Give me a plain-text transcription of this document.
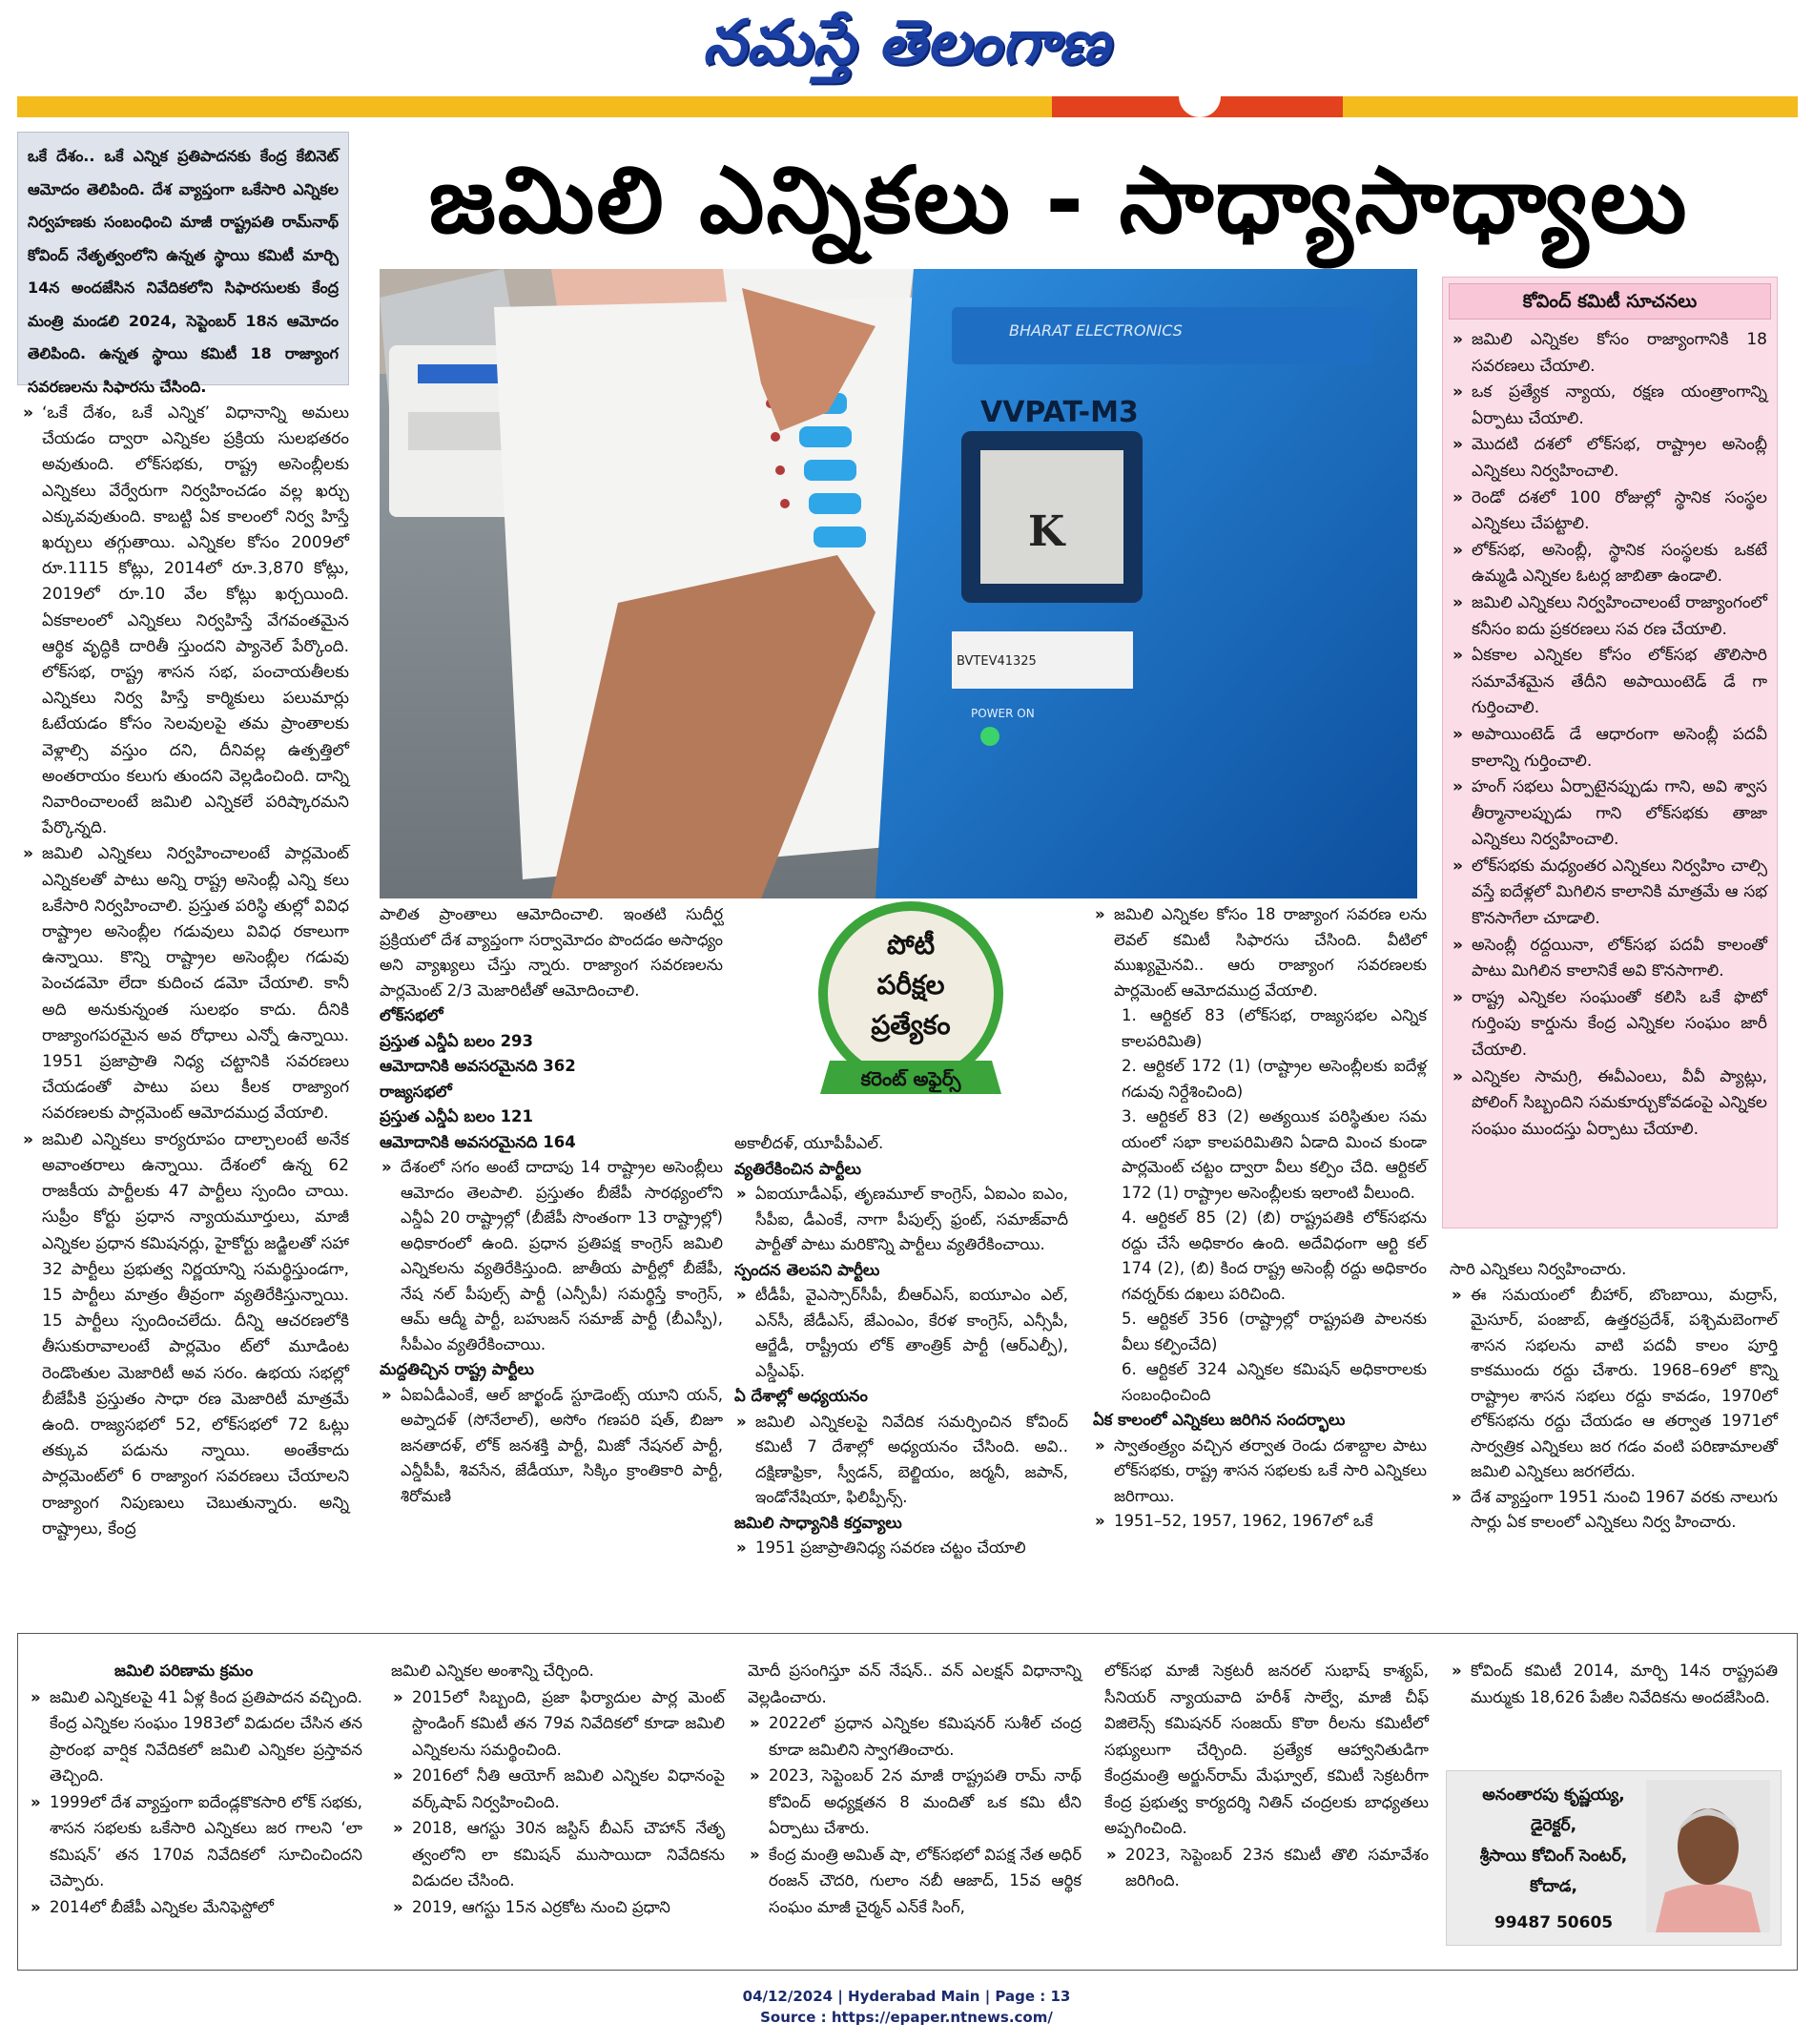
నమస్తే తెలంగాణ
ఒకే దేశం.. ఒకే ఎన్నిక ప్రతిపాదనకు కేంద్ర కేబినెట్ ఆమోదం తెలిపింది. దేశ వ్యాప్తంగా ఒకేసారి ఎన్నికల నిర్వహణకు సంబంధించి మాజీ రాష్ట్రపతి రామ్‌నాథ్ కోవింద్ నేతృత్వంలోని ఉన్నత స్థాయి కమిటీ మార్చి 14న అందజేసిన నివేదికలోని సిఫారసులకు కేంద్ర మంత్రి మండలి 2024, సెప్టెంబర్ 18న ఆమోదం తెలిపింది. ఉన్నత స్థాయి కమిటీ 18 రాజ్యాంగ సవరణలను సిఫారసు చేసింది.
జమిలి ఎన్నికలు - సాధ్యాసాధ్యాలు

» ‘ఒకే దేశం, ఒకే ఎన్నిక’ విధానాన్ని అమలు చేయడం ద్వారా ఎన్నికల ప్రక్రియ సులభతరం అవుతుంది. లోక్‌సభకు, రాష్ట్ర అసెంబ్లీలకు ఎన్నికలు వేర్వేరుగా నిర్వహించడం వల్ల ఖర్చు ఎక్కువవుతుంది. కాబట్టి ఏక కాలంలో నిర్వ హిస్తే ఖర్చులు తగ్గుతాయి. ఎన్నికల కోసం 2009లో రూ.1115 కోట్లు, 2014లో రూ.3,870 కోట్లు, 2019లో రూ.10 వేల కోట్లు ఖర్చయింది. ఏకకాలంలో ఎన్నికలు నిర్వహిస్తే వేగవంతమైన ఆర్థిక వృద్ధికి దారితీ స్తుందని ప్యానెల్ పేర్కొంది. లోక్‌సభ, రాష్ట్ర శాసన సభ, పంచాయతీలకు ఎన్నికలు నిర్వ హిస్తే కార్మికులు పలుమార్లు ఓటేయడం కోసం సెలవులపై తమ ప్రాంతాలకు వెళ్లాల్సి వస్తుం దని, దీనివల్ల ఉత్పత్తిలో అంతరాయం కలుగు తుందని వెల్లడించింది. దాన్ని నివారించాలంటే జమిలి ఎన్నికలే పరిష్కారమని పేర్కొన్నది.

» జమిలి ఎన్నికలు నిర్వహించాలంటే పార్లమెంట్ ఎన్నికలతో పాటు అన్ని రాష్ట్ర అసెంబ్లీ ఎన్ని కలు ఒకేసారి నిర్వహించాలి. ప్రస్తుత పరిస్థి తుల్లో వివిధ రాష్ట్రాల అసెంబ్లీల గడువులు వివిధ రకాలుగా ఉన్నాయి. కొన్ని రాష్ట్రాల అసెంబ్లీల గడువు పెంచడమో లేదా కుదించ డమో చేయాలి. కానీ అది అనుకున్నంత సులభం కాదు. దీనికి రాజ్యాంగపరమైన అవ రోధాలు ఎన్నో ఉన్నాయి. 1951 ప్రజాప్రాతి నిధ్య చట్టానికి సవరణలు చేయడంతో పాటు పలు కీలక రాజ్యాంగ సవరణలకు పార్లమెంట్ ఆమోదముద్ర వేయాలి.

» జమిలి ఎన్నికలు కార్యరూపం దాల్చాలంటే అనేక అవాంతరాలు ఉన్నాయి. దేశంలో ఉన్న 62 రాజకీయ పార్టీలకు 47 పార్టీలు స్పందిం చాయి. సుప్రీం కోర్టు ప్రధాన న్యాయమూర్తులు, మాజీ ఎన్నికల ప్రధాన కమిషనర్లు, హైకోర్టు జడ్జిలతో సహా 32 పార్టీలు ప్రభుత్వ నిర్ణయాన్ని సమర్థిస్తుండగా, 15 పార్టీలు మాత్రం తీవ్రంగా వ్యతిరేకిస్తున్నాయి. 15 పార్టీలు స్పందించలేదు. దీన్ని ఆచరణలోకి తీసుకురావాలంటే పార్లమెం ట్‌లో మూడింట రెండొంతుల మెజారిటీ అవ సరం. ఉభయ సభల్లో బీజేపీకి ప్రస్తుతం సాధా రణ మెజారిటీ మాత్రమే ఉంది. రాజ్యసభలో 52, లోక్‌సభలో 72 ఓట్లు తక్కువ పడును న్నాయి. అంతేకాదు పార్లమెంట్‌లో 6 రాజ్యాంగ సవరణలు చేయాలని రాజ్యాంగ నిపుణులు చెబుతున్నారు. అన్ని రాష్ట్రాలు, కేంద్ర

BHARAT ELECTRONICS
VVPAT-M3
K
BVTEV41325
POWER ON
కోవింద్ కమిటీ సూచనలు

» జమిలి ఎన్నికల కోసం రాజ్యాంగానికి 18 సవరణలు చేయాలి.

» ఒక ప్రత్యేక న్యాయ, రక్షణ యంత్రాంగాన్ని ఏర్పాటు చేయాలి.

» మొదటి దశలో లోక్‌సభ, రాష్ట్రాల అసెంబ్లీ ఎన్నికలు నిర్వహించాలి.

» రెండో దశలో 100 రోజుల్లో స్థానిక సంస్థల ఎన్నికలు చేపట్టాలి.

» లోక్‌సభ, అసెంబ్లీ, స్థానిక సంస్థలకు ఒకటే ఉమ్మడి ఎన్నికల ఓటర్ల జాబితా ఉండాలి.

» జమిలి ఎన్నికలు నిర్వహించాలంటే రాజ్యాంగంలో కనీసం ఐదు ప్రకరణలు సవ రణ చేయాలి.

» ఏకకాల ఎన్నికల కోసం లోక్‌సభ తొలిసారి సమావేశమైన తేదీని అపాయింటెడ్ డే గా గుర్తించాలి.

» అపాయింటెడ్ డే ఆధారంగా అసెంబ్లీ పదవీ కాలాన్ని గుర్తించాలి.

» హంగ్ సభలు ఏర్పాటైనప్పుడు గాని, అవి శ్వాస తీర్మానాలప్పుడు గాని లోక్‌సభకు తాజా ఎన్నికలు నిర్వహించాలి.

» లోక్‌సభకు మధ్యంతర ఎన్నికలు నిర్వహిం చాల్సి వస్తే ఐదేళ్లలో మిగిలిన కాలానికి మాత్రమే ఆ సభ కొనసాగేలా చూడాలి.

» అసెంబ్లీ రద్దయినా, లోక్‌సభ పదవీ కాలంతో పాటు మిగిలిన కాలానికే అవి కొనసాగాలి.

» రాష్ట్ర ఎన్నికల సంఘంతో కలిసి ఒకే ఫొటో గుర్తింపు కార్డును కేంద్ర ఎన్నికల సంఘం జారీ చేయాలి.

» ఎన్నికల సామగ్రి, ఈవీఎంలు, వీవీ ప్యాట్లు, పోలింగ్ సిబ్బందిని సమకూర్చుకోవడంపై ఎన్నికల సంఘం ముందస్తు ఏర్పాటు చేయాలి.

పాలిత ప్రాంతాలు ఆమోదించాలి. ఇంతటి సుదీర్ఘ ప్రక్రియలో దేశ వ్యాప్తంగా సర్వామోదం పొందడం అసాధ్యం అని వ్యాఖ్యలు చేస్తు న్నారు. రాజ్యాంగ సవరణలను పార్లమెంట్ 2/3 మెజారిటీతో ఆమోదించాలి.

లోక్‌సభలో

ప్రస్తుత ఎన్డీఏ బలం 293

ఆమోదానికి అవసరమైనది 362

రాజ్యసభలో

ప్రస్తుత ఎన్డీఏ బలం 121

ఆమోదానికి అవసరమైనది 164

» దేశంలో సగం అంటే దాదాపు 14 రాష్ట్రాల అసెంబ్లీలు ఆమోదం తెలపాలి. ప్రస్తుతం బీజేపీ సారథ్యంలోని ఎన్డీఏ 20 రాష్ట్రాల్లో (బీజేపీ సొంతంగా 13 రాష్ట్రాల్లో) అధికారంలో ఉంది. ప్రధాన ప్రతిపక్ష కాంగ్రెస్ జమిలి ఎన్నికలను వ్యతిరేకిస్తుంది. జాతీయ పార్టీల్లో బీజేపీ, నేష నల్ పీపుల్స్ పార్టీ (ఎన్పీపీ) సమర్థిస్తే కాంగ్రెస్, ఆమ్ ఆద్మీ పార్టీ, బహుజన్ సమాజ్ పార్టీ (బీఎస్పీ), సీపీఎం వ్యతిరేకించాయి.

మద్దతిచ్చిన రాష్ట్ర పార్టీలు

» ఏఐఏడీఎంకే, ఆల్ జార్ఖండ్ స్టూడెంట్స్ యూని యన్, అప్నాదళ్ (సోనేలాల్), అసోం గణపరి షత్, బిజూ జనతాదళ్, లోక్ జనశక్తి పార్టీ, మిజో నేషనల్ పార్టీ, ఎన్డీపీపీ, శివసేన, జేడీయూ, సిక్కిం క్రాంతికారి పార్టీ, శిరోమణి

పోటీ
పరీక్షల
ప్రత్యేకం
కరెంట్ అఫైర్స్

అకాలీదళ్, యూపీపీఎల్.

వ్యతిరేకించిన పార్టీలు

» ఏఐయూడీఎఫ్, తృణమూల్ కాంగ్రెస్, ఏఐఎం ఐఎం, సీపీఐ, డీఎంకే, నాగా పీపుల్స్ ఫ్రంట్, సమాజ్‌వాదీ పార్టీతో పాటు మరికొన్ని పార్టీలు వ్యతిరేకించాయి.

స్పందన తెలపని పార్టీలు

» టీడీపీ, వైఎస్సార్‌సీపీ, బీఆర్‌ఎస్, ఐయూఎం ఎల్, ఎన్‌సీ, జేడీఎస్, జేఎంఎం, కేరళ కాంగ్రెస్, ఎన్సీపీ, ఆర్జేడీ, రాష్ట్రీయ లోక్ తాంత్రిక్ పార్టీ (ఆర్ఎల్పీ), ఎస్డీఎఫ్.

ఏ దేశాల్లో అధ్యయనం

» జమిలి ఎన్నికలపై నివేదిక సమర్పించిన కోవింద్ కమిటీ 7 దేశాల్లో అధ్యయనం చేసింది. అవి.. దక్షిణాఫ్రికా, స్వీడన్, బెల్జియం, జర్మనీ, జపాన్, ఇండోనేషియా, ఫిలిప్పీన్స్.

జమిలి సాధ్యానికి కర్తవ్యాలు

» 1951 ప్రజాప్రాతినిధ్య సవరణ చట్టం చేయాలి

» జమిలి ఎన్నికల కోసం 18 రాజ్యాంగ సవరణ లను లెవల్ కమిటీ సిఫారసు చేసింది. వీటిలో ముఖ్యమైనవి.. ఆరు రాజ్యాంగ సవరణలకు పార్లమెంట్ ఆమోదముద్ర వేయాలి.

1. ఆర్టికల్ 83 (లోక్‌సభ, రాజ్యసభల ఎన్నిక కాలపరిమితి)

2. ఆర్టికల్ 172 (1) (రాష్ట్రాల అసెంబ్లీలకు ఐదేళ్ల గడువు నిర్దేశించింది)

3. ఆర్టికల్ 83 (2) అత్యయిక పరిస్థితుల సమ యంలో సభా కాలపరిమితిని ఏడాది మించ కుండా పార్లమెంట్ చట్టం ద్వారా వీలు కల్పిం చేది. ఆర్టికల్ 172 (1) రాష్ట్రాల అసెంబ్లీలకు ఇలాంటి వీలుంది.

4. ఆర్టికల్ 85 (2) (బి) రాష్ట్రపతికి లోక్‌సభను రద్దు చేసే అధికారం ఉంది. అదేవిధంగా ఆర్టి కల్ 174 (2), (బి) కింద రాష్ట్ర అసెంబ్లీ రద్దు అధికారం గవర్నర్‌కు దఖలు పరిచింది.

5. ఆర్టికల్ 356 (రాష్ట్రాల్లో రాష్ట్రపతి పాలనకు వీలు కల్పించేది)

6. ఆర్టికల్ 324 ఎన్నికల కమిషన్ అధికారాలకు సంబంధించింది

ఏక కాలంలో ఎన్నికలు జరిగిన సందర్భాలు

» స్వాతంత్ర్యం వచ్చిన తర్వాత రెండు దశాబ్దాల పాటు లోక్‌సభకు, రాష్ట్ర శాసన సభలకు ఒకే సారి ఎన్నికలు జరిగాయి.

» 1951–52, 1957, 1962, 1967లో ఒకే

సారి ఎన్నికలు నిర్వహించారు.

» ఈ సమయంలో బీహార్, బొంబాయి, మద్రాస్, మైసూర్, పంజాబ్, ఉత్తరప్రదేశ్, పశ్చిమబెంగాల్ శాసన సభలను వాటి పదవీ కాలం పూర్తి కాకముందు రద్దు చేశారు. 1968–69లో కొన్ని రాష్ట్రాల శాసన సభలు రద్దు కావడం, 1970లో లోక్‌సభను రద్దు చేయడం ఆ తర్వాత 1971లో సార్వత్రిక ఎన్నికలు జర గడం వంటి పరిణామాలతో జమిలి ఎన్నికలు జరగలేదు.

» దేశ వ్యాప్తంగా 1951 నుంచి 1967 వరకు నాలుగు సార్లు ఏక కాలంలో ఎన్నికలు నిర్వ హించారు.

జమిలి పరిణామ క్రమం

» జమిలి ఎన్నికలపై 41 ఏళ్ల కింద ప్రతిపాదన వచ్చింది. కేంద్ర ఎన్నికల సంఘం 1983లో విడుదల చేసిన తన ప్రారంభ వార్షిక నివేదికలో జమిలి ఎన్నికల ప్రస్తావన తెచ్చింది.

» 1999లో దేశ వ్యాప్తంగా ఐదేండ్లకొకసారి లోక్ సభకు, శాసన సభలకు ఒకేసారి ఎన్నికలు జర గాలని ‘లా కమిషన్’ తన 170వ నివేదికలో సూచించిందని చెప్పారు.

» 2014లో బీజేపీ ఎన్నికల మేనిఫెస్టోలో

జమిలి ఎన్నికల అంశాన్ని చేర్చింది.

» 2015లో సిబ్బంది, ప్రజా ఫిర్యాదుల పార్ల మెంట్ స్టాండింగ్ కమిటీ తన 79వ నివేదికలో కూడా జమిలి ఎన్నికలను సమర్థించింది.

» 2016లో నీతి ఆయోగ్ జమిలి ఎన్నికల విధానంపై వర్క్‌షాప్ నిర్వహించింది.

» 2018, ఆగస్టు 30న జస్టిస్ బీఎస్ చౌహాన్ నేతృ త్వంలోని లా కమిషన్ ముసాయిదా నివేదికను విడుదల చేసింది.

» 2019, ఆగస్టు 15న ఎర్రకోట నుంచి ప్రధాని

మోదీ ప్రసంగిస్తూ వన్ నేషన్.. వన్ ఎలక్షన్ విధానాన్ని వెల్లడించారు.

» 2022లో ప్రధాన ఎన్నికల కమిషనర్ సుశీల్ చంద్ర కూడా జమిలిని స్వాగతించారు.

» 2023, సెప్టెంబర్ 2న మాజీ రాష్ట్రపతి రామ్ నాథ్ కోవింద్ అధ్యక్షతన 8 మందితో ఒక కమి టీని ఏర్పాటు చేశారు.

» కేంద్ర మంత్రి అమిత్ షా, లోక్‌సభలో విపక్ష నేత అధిర్ రంజన్ చౌదరి, గులాం నబీ ఆజాద్, 15వ ఆర్థిక సంఘం మాజీ చైర్మన్ ఎన్‌కే సింగ్,

లోక్‌సభ మాజీ సెక్రటరీ జనరల్ సుభాష్ కాశ్యప్, సీనియర్ న్యాయవాది హరీశ్ సాల్వే, మాజీ చీఫ్ విజిలెన్స్ కమిషనర్ సంజయ్ కొఠా రీలను కమిటీలో సభ్యులుగా చేర్చింది. ప్రత్యేక ఆహ్వానితుడిగా కేంద్రమంత్రి అర్జున్‌రామ్ మేఘ్వాల్, కమిటీ సెక్రటరీగా కేంద్ర ప్రభుత్వ కార్యదర్శి నితిన్ చంద్రలకు బాధ్యతలు అప్పగించింది.

» 2023, సెప్టెంబర్ 23న కమిటీ తొలి సమావేశం జరిగింది.

» కోవింద్ కమిటీ 2014, మార్చి 14న రాష్ట్రపతి ముర్ముకు 18,626 పేజీల నివేదికను అందజేసింది.

అనంతారపు కృష్ణయ్య,
డైరెక్టర్,
శ్రీసాయి కోచింగ్ సెంటర్,
కోదాడ,
99487 50605
04/12/2024 | Hyderabad Main | Page : 13
Source : https://epaper.ntnews.com/
